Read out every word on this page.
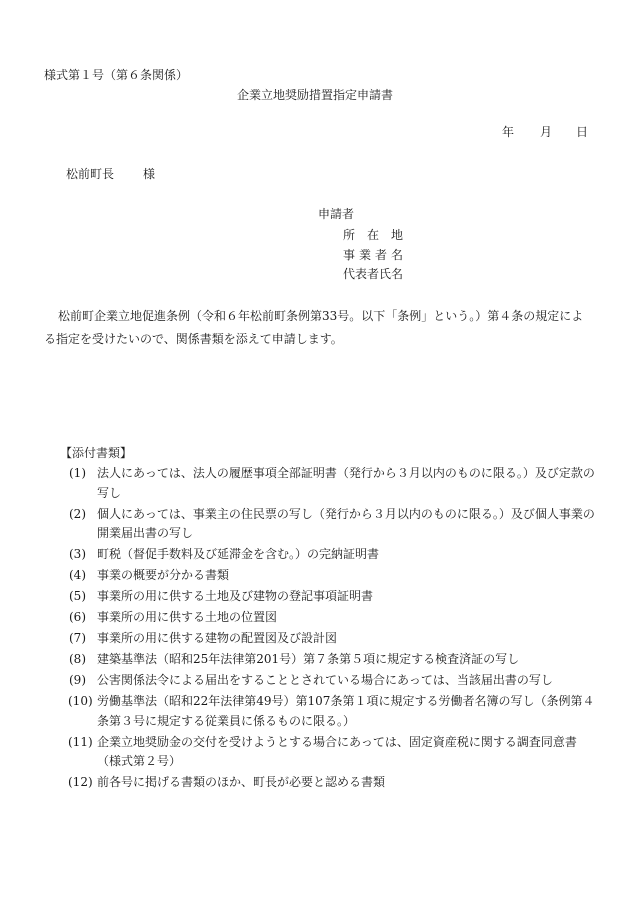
様式第１号（第６条関係）
企業立地奨励措置指定申請書
年 月 日
松前町長 様
申請者
所在地
事業者名
代表者氏名
松前町企業立地促進条例（令和６年松前町条例第33号。以下「条例」という。）第４条の規定による指定を受けたいので、関係書類を添えて申請します。
【添付書類】
(1) 法人にあっては、法人の履歴事項全部証明書（発行から３月以内のものに限る。）及び定款の写し
(2) 個人にあっては、事業主の住民票の写し（発行から３月以内のものに限る。）及び個人事業の開業届出書の写し
(3) 町税（督促手数料及び延滞金を含む。）の完納証明書
(4) 事業の概要が分かる書類
(5) 事業所の用に供する土地及び建物の登記事項証明書
(6) 事業所の用に供する土地の位置図
(7) 事業所の用に供する建物の配置図及び設計図
(8) 建築基準法（昭和25年法律第201号）第７条第５項に規定する検査済証の写し
(9) 公害関係法令による届出をすることとされている場合にあっては、当該届出書の写し
(10) 労働基準法（昭和22年法律第49号）第107条第１項に規定する労働者名簿の写し（条例第４条第３号に規定する従業員に係るものに限る。）
(11) 企業立地奨励金の交付を受けようとする場合にあっては、固定資産税に関する調査同意書（様式第２号）
(12) 前各号に掲げる書類のほか、町長が必要と認める書類
